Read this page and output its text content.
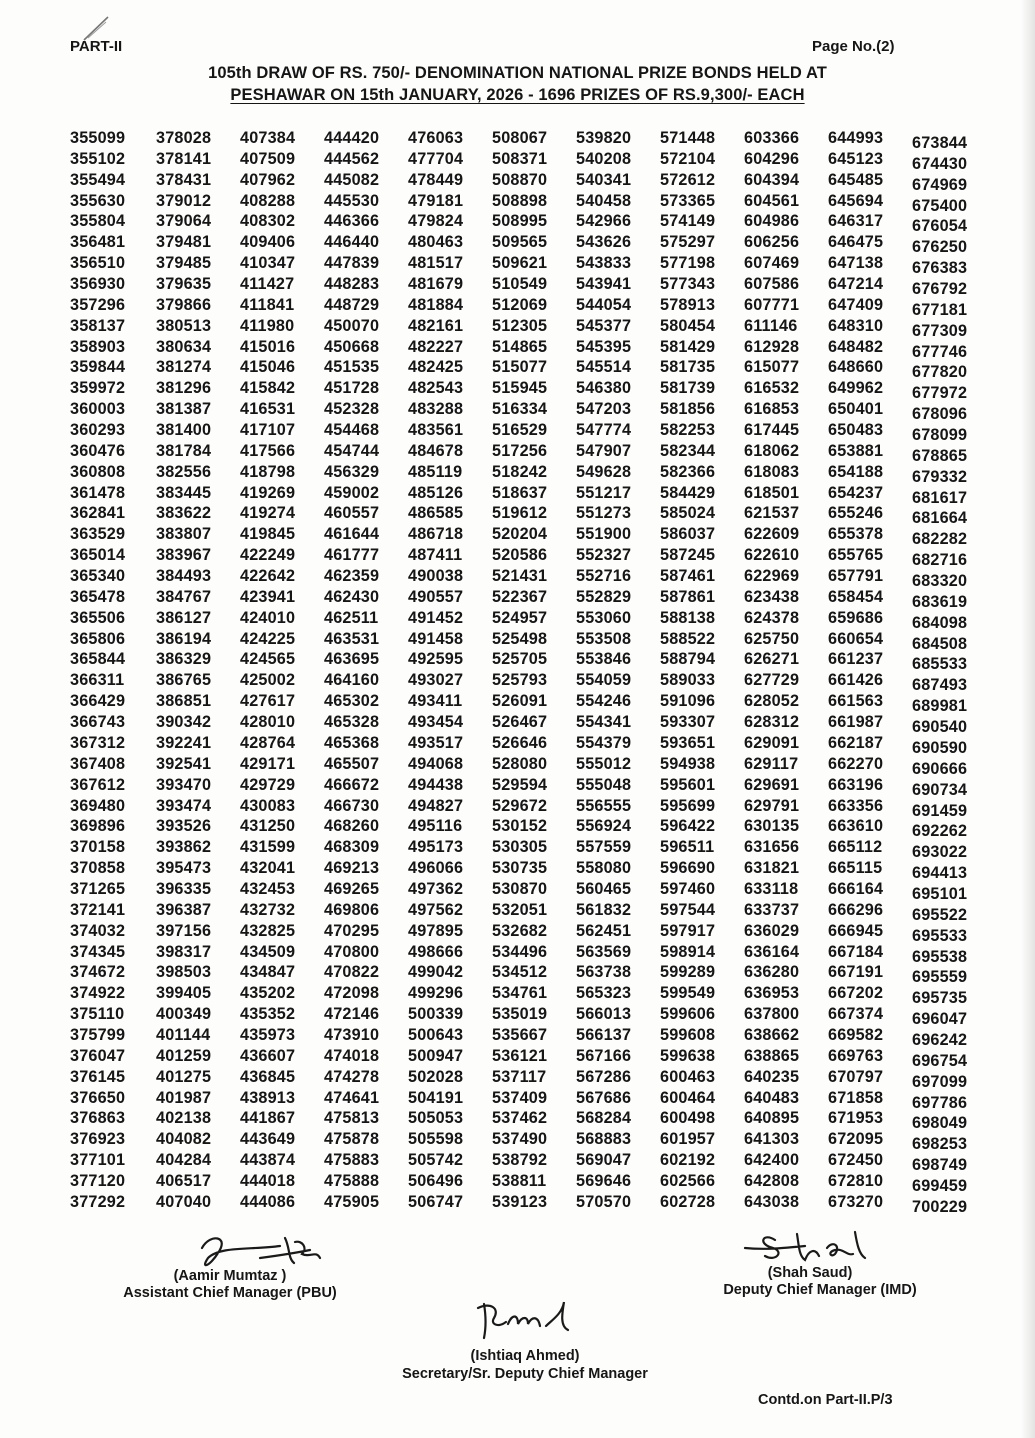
PART-II	Page No.(2)
105th DRAW OF RS. 750/- DENOMINATION NATIONAL PRIZE BONDS HELD AT
PESHAWAR ON 15th JANUARY, 2026 - 1696 PRIZES OF RS.9,300/- EACH
355099
355102
355494
355630
355804
356481
356510
356930
357296
358137
358903
359844
359972
360003
360293
360476
360808
361478
362841
363529
365014
365340
365478
365506
365806
365844
366311
366429
366743
367312
367408
367612
369480
369896
370158
370858
371265
372141
374032
374345
374672
374922
375110
375799
376047
376145
376650
376863
376923
377101
377120
377292
378028
378141
378431
379012
379064
379481
379485
379635
379866
380513
380634
381274
381296
381387
381400
381784
382556
383445
383622
383807
383967
384493
384767
386127
386194
386329
386765
386851
390342
392241
392541
393470
393474
393526
393862
395473
396335
396387
397156
398317
398503
399405
400349
401144
401259
401275
401987
402138
404082
404284
406517
407040
407384
407509
407962
408288
408302
409406
410347
411427
411841
411980
415016
415046
415842
416531
417107
417566
418798
419269
419274
419845
422249
422642
423941
424010
424225
424565
425002
427617
428010
428764
429171
429729
430083
431250
431599
432041
432453
432732
432825
434509
434847
435202
435352
435973
436607
436845
438913
441867
443649
443874
444018
444086
444420
444562
445082
445530
446366
446440
447839
448283
448729
450070
450668
451535
451728
452328
454468
454744
456329
459002
460557
461644
461777
462359
462430
462511
463531
463695
464160
465302
465328
465368
465507
466672
466730
468260
468309
469213
469265
469806
470295
470800
470822
472098
472146
473910
474018
474278
474641
475813
475878
475883
475888
475905
476063
477704
478449
479181
479824
480463
481517
481679
481884
482161
482227
482425
482543
483288
483561
484678
485119
485126
486585
486718
487411
490038
490557
491452
491458
492595
493027
493411
493454
493517
494068
494438
494827
495116
495173
496066
497362
497562
497895
498666
499042
499296
500339
500643
500947
502028
504191
505053
505598
505742
506496
506747
508067
508371
508870
508898
508995
509565
509621
510549
512069
512305
514865
515077
515945
516334
516529
517256
518242
518637
519612
520204
520586
521431
522367
524957
525498
525705
525793
526091
526467
526646
528080
529594
529672
530152
530305
530735
530870
532051
532682
534496
534512
534761
535019
535667
536121
537117
537409
537462
537490
538792
538811
539123
539820
540208
540341
540458
542966
543626
543833
543941
544054
545377
545395
545514
546380
547203
547774
547907
549628
551217
551273
551900
552327
552716
552829
553060
553508
553846
554059
554246
554341
554379
555012
555048
556555
556924
557559
558080
560465
561832
562451
563569
563738
565323
566013
566137
567166
567286
567686
568284
568883
569047
569646
570570
571448
572104
572612
573365
574149
575297
577198
577343
578913
580454
581429
581735
581739
581856
582253
582344
582366
584429
585024
586037
587245
587461
587861
588138
588522
588794
589033
591096
593307
593651
594938
595601
595699
596422
596511
596690
597460
597544
597917
598914
599289
599549
599606
599608
599638
600463
600464
600498
601957
602192
602566
602728
603366
604296
604394
604561
604986
606256
607469
607586
607771
611146
612928
615077
616532
616853
617445
618062
618083
618501
621537
622609
622610
622969
623438
624378
625750
626271
627729
628052
628312
629091
629117
629691
629791
630135
631656
631821
633118
633737
636029
636164
636280
636953
637800
638662
638865
640235
640483
640895
641303
642400
642808
643038
644993
645123
645485
645694
646317
646475
647138
647214
647409
648310
648482
648660
649962
650401
650483
653881
654188
654237
655246
655378
655765
657791
658454
659686
660654
661237
661426
661563
661987
662187
662270
663196
663356
663610
665112
665115
666164
666296
666945
667184
667191
667202
667374
669582
669763
670797
671858
671953
672095
672450
672810
673270
673844
674430
674969
675400
676054
676250
676383
676792
677181
677309
677746
677820
677972
678096
678099
678865
679332
681617
681664
682282
682716
683320
683619
684098
684508
685533
687493
689981
690540
690590
690666
690734
691459
692262
693022
694413
695101
695522
695533
695538
695559
695735
696047
696242
696754
697099
697786
698049
698253
698749
699459
700229
(Aamir Mumtaz )
Assistant Chief Manager (PBU)
(Shah Saud)
Deputy Chief Manager (IMD)
(Ishtiaq Ahmed)
Secretary/Sr. Deputy Chief Manager
Contd.on Part-II.P/3
